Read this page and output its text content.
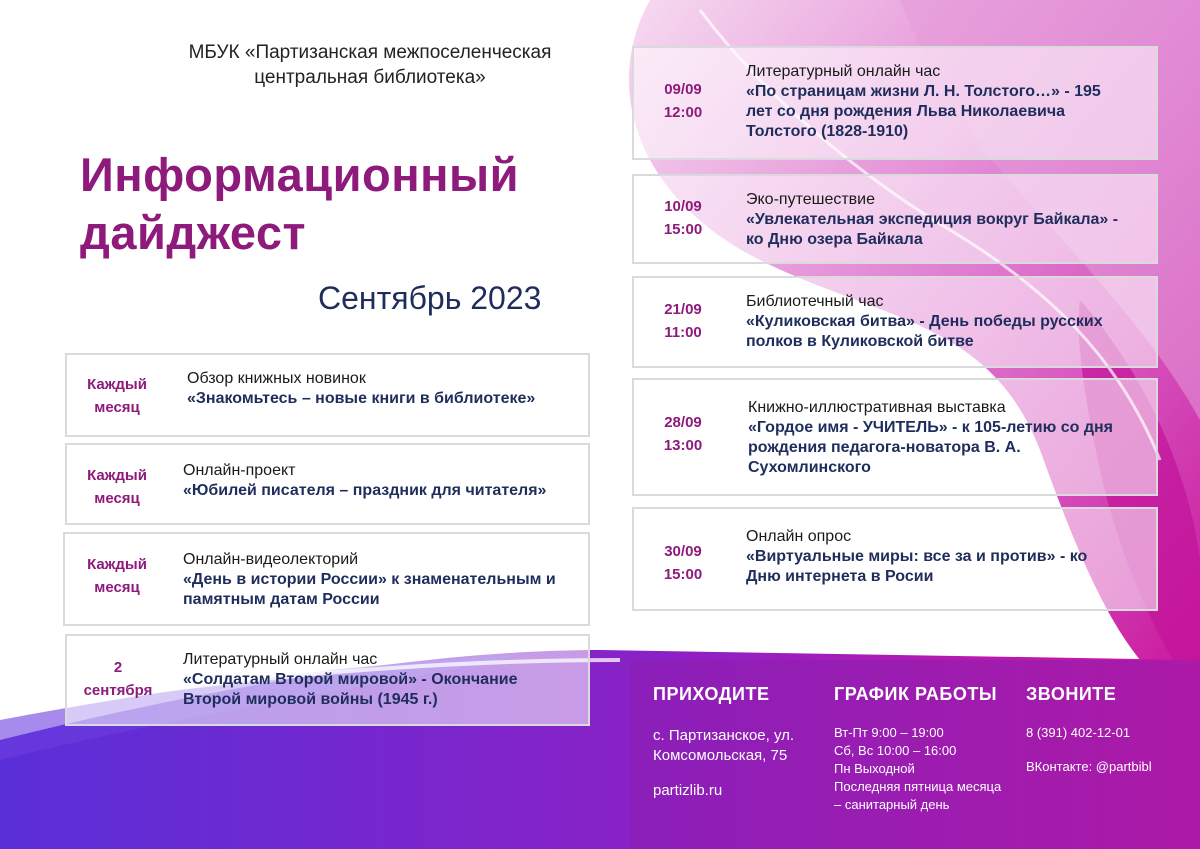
МБУК «Партизанская межпоселенческая центральная библиотека»
Информационный
дайджест
Сентябрь 2023
Каждый
месяц
Обзор книжных новинок
«Знакомьтесь – новые книги в библиотеке»
Каждый
месяц
Онлайн-проект
«Юбилей писателя – праздник для читателя»
Каждый
месяц
Онлайн-видеолекторий
«День в истории России» к знаменательным и памятным датам России
2
сентября
Литературный онлайн час
«Солдатам Второй мировой» - Окончание Второй мировой войны (1945 г.)
09/09
12:00
Литературный онлайн час
«По страницам жизни Л. Н. Толстого…» - 195 лет со дня рождения Льва Николаевича Толстого (1828-1910)
10/09
15:00
Эко-путешествие
«Увлекательная экспедиция вокруг Байкала» - ко Дню озера Байкала
21/09
11:00
Библиотечный час
«Куликовская битва» - День победы русских полков в Куликовской битве
28/09
13:00
Книжно-иллюстративная выставка
«Гордое имя - УЧИТЕЛЬ» - к 105-летию со дня рождения педагога-новатора В. А. Сухомлинского
30/09
15:00
Онлайн опрос
«Виртуальные миры: все за и против» - ко Дню интернета в Росии
ПРИХОДИТЕ
с. Партизанское, ул. Комсомольская, 75
partizlib.ru
ГРАФИК РАБОТЫ
Вт-Пт 9:00 – 19:00
Сб, Вс 10:00 – 16:00
Пн Выходной
Последняя пятница месяца – санитарный день
ЗВОНИТЕ
8 (391) 402-12-01
ВКонтакте: @partbibl
